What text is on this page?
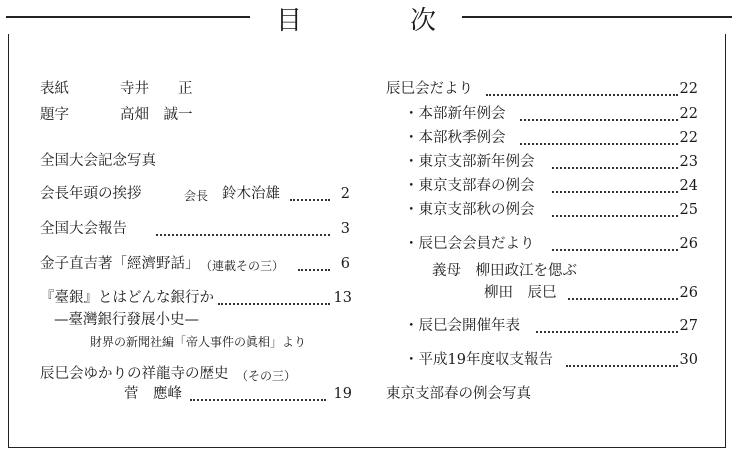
目	次
表紙	寺井　　正
題字	高畑　誠一
全国大会記念写真
会長年頭の挨拶	会長 鈴木治雄	2
全国大会報告	3
金子直吉著「經濟野話」 （連載その三）	6
『臺銀』とはどんな銀行か	13
—臺灣銀行發展小史—
財界の新聞社編「帝人事件の眞相」より
辰巳会ゆかりの祥龍寺の歴史 （その三）
菅　應峰	19
辰巳会だより	22
・本部新年例会	22
・本部秋季例会	22
・東京支部新年例会	23
・東京支部春の例会	24
・東京支部秋の例会	25
・辰巳会会員だより	26
義母　柳田政江を偲ぶ
柳田　辰巳	26
・辰巳会開催年表	27
・平成19年度収支報告	30
東京支部春の例会写真
